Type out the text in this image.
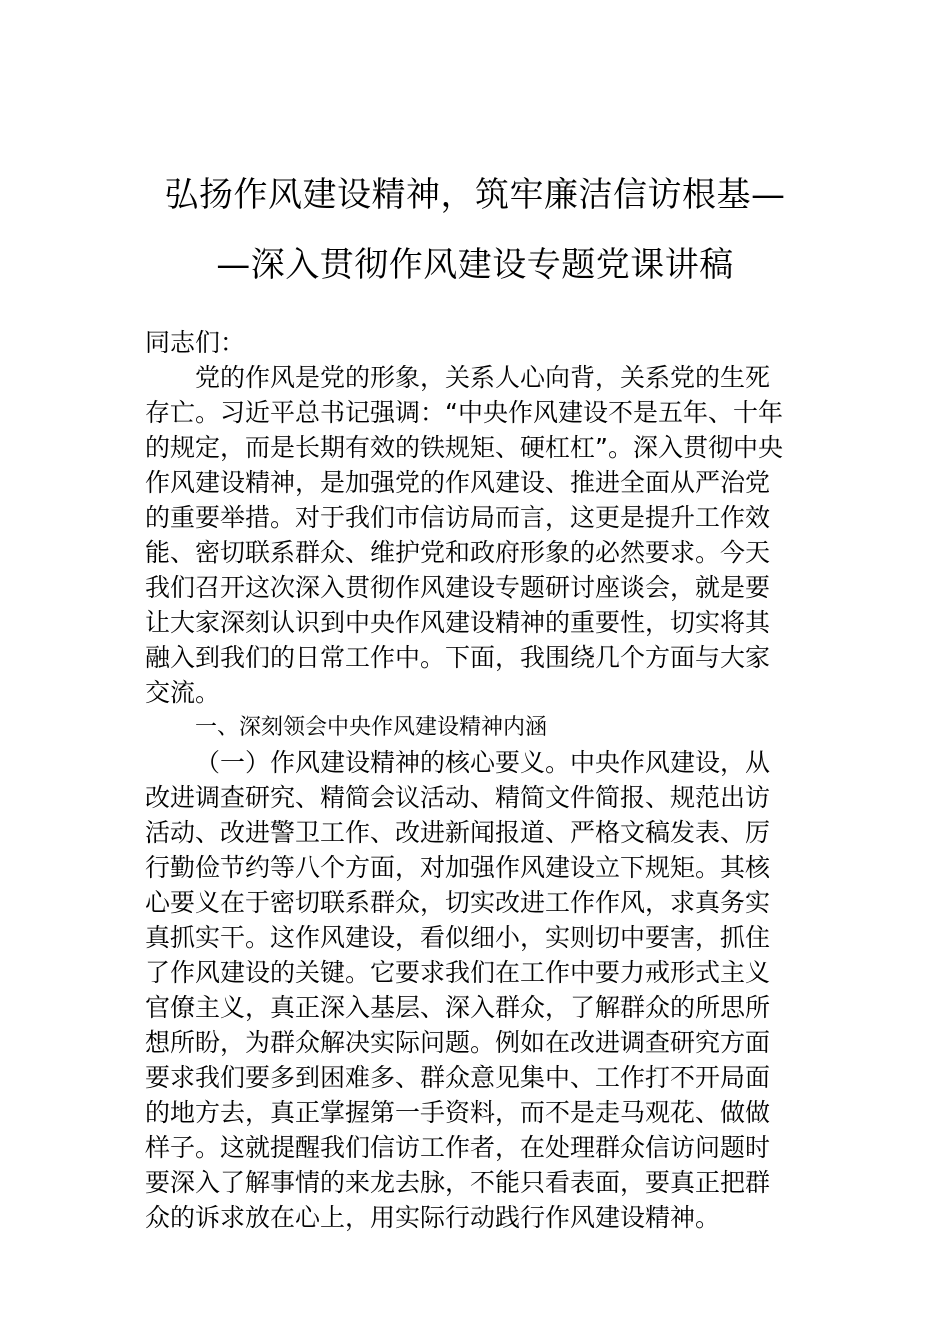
弘扬作风建设精神，筑牢廉洁信访根基—
—深入贯彻作风建设专题党课讲稿
同志们：
党的作风是党的形象，关系人心向背，关系党的生死
存亡。习近平总书记强调：“中央作风建设不是五年、十年
的规定，而是长期有效的铁规矩、硬杠杠”。深入贯彻中央
作风建设精神，是加强党的作风建设、推进全面从严治党
的重要举措。对于我们市信访局而言，这更是提升工作效
能、密切联系群众、维护党和政府形象的必然要求。今天
我们召开这次深入贯彻作风建设专题研讨座谈会，就是要
让大家深刻认识到中央作风建设精神的重要性，切实将其
融入到我们的日常工作中。下面，我围绕几个方面与大家
交流。
一、深刻领会中央作风建设精神内涵
（一）作风建设精神的核心要义。中央作风建设，从
改进调查研究、精简会议活动、精简文件简报、规范出访
活动、改进警卫工作、改进新闻报道、严格文稿发表、厉
行勤俭节约等八个方面，对加强作风建设立下规矩。其核
心要义在于密切联系群众，切实改进工作作风，求真务实
真抓实干。这作风建设，看似细小，实则切中要害，抓住
了作风建设的关键。它要求我们在工作中要力戒形式主义
官僚主义，真正深入基层、深入群众，了解群众的所思所
想所盼，为群众解决实际问题。例如在改进调查研究方面
要求我们要多到困难多、群众意见集中、工作打不开局面
的地方去，真正掌握第一手资料，而不是走马观花、做做
样子。这就提醒我们信访工作者，在处理群众信访问题时
要深入了解事情的来龙去脉，不能只看表面，要真正把群
众的诉求放在心上，用实际行动践行作风建设精神。
